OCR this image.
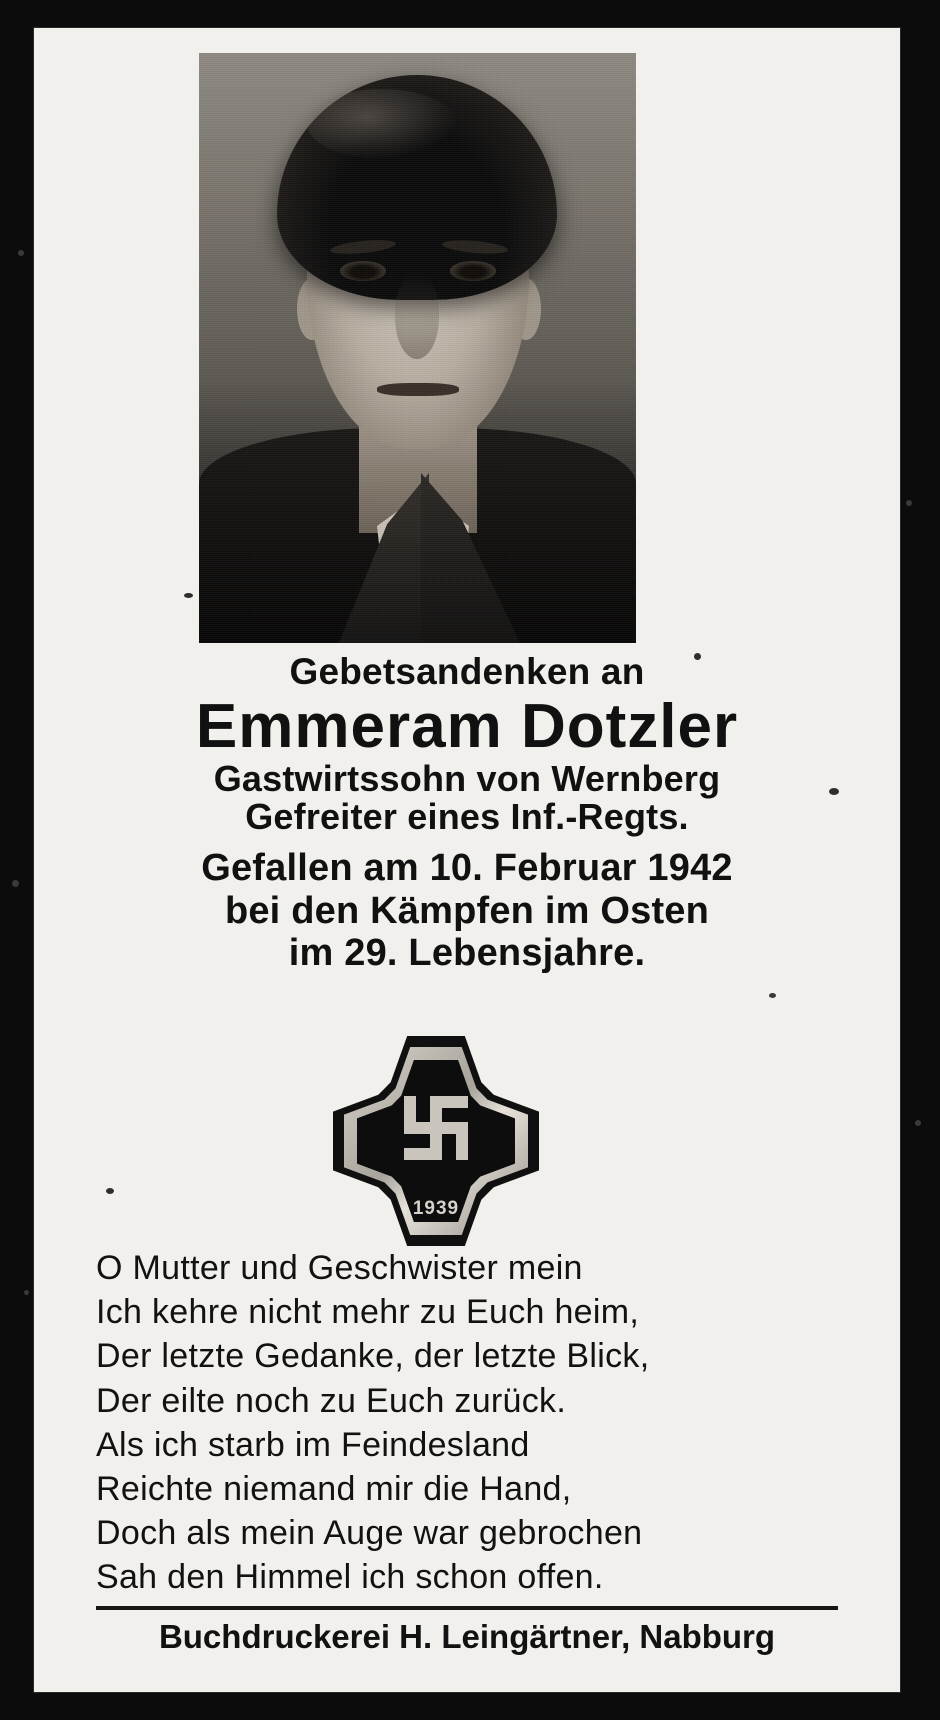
Gebetsandenken an
Emmeram Dotzler
Gastwirtssohn von Wernberg
Gefreiter eines Inf.-Regts.
Gefallen am 10. Februar 1942
bei den Kämpfen im Osten
im 29. Lebensjahre.
1939
O Mutter und Geschwister mein
Ich kehre nicht mehr zu Euch heim,
Der letzte Gedanke, der letzte Blick,
Der eilte noch zu Euch zurück.
Als ich starb im Feindesland
Reichte niemand mir die Hand,
Doch als mein Auge war gebrochen
Sah den Himmel ich schon offen.
Buchdruckerei H. Leingärtner, Nabburg
